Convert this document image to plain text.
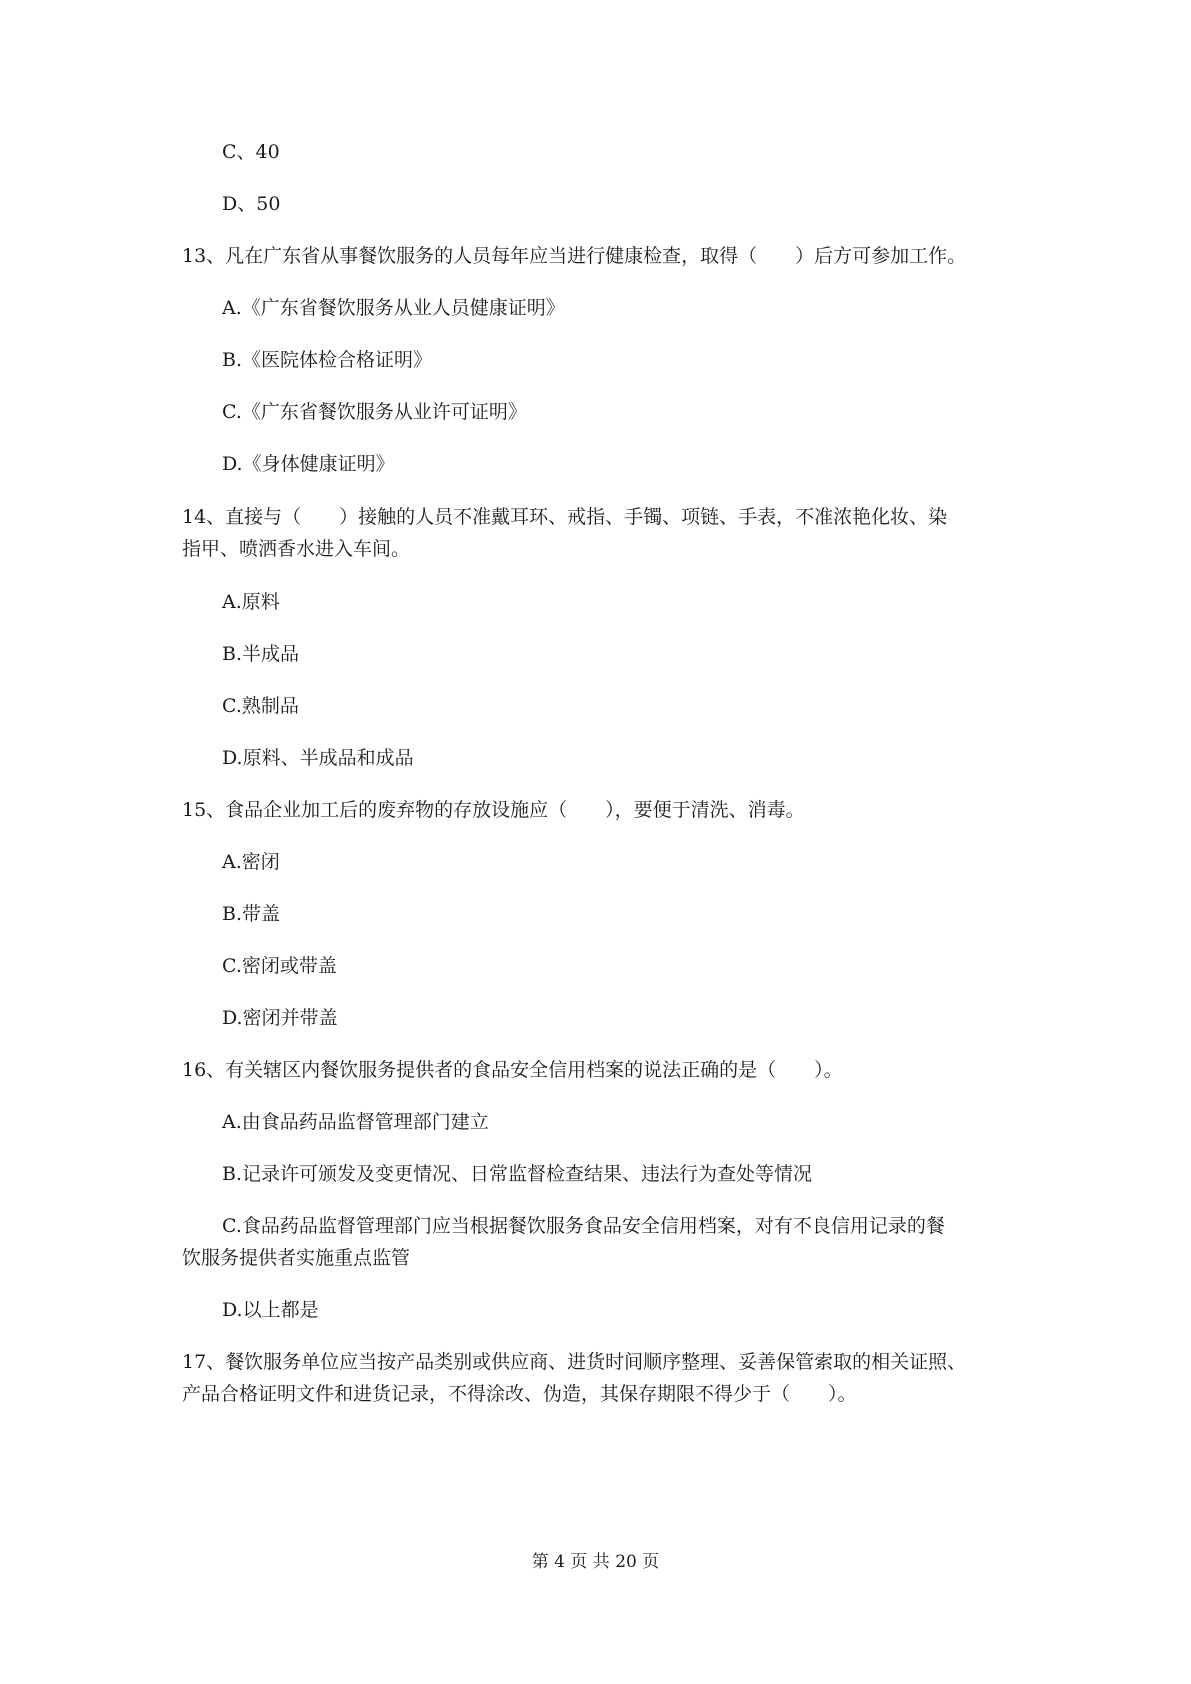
C、40
D、50
13、凡在广东省从事餐饮服务的人员每年应当进行健康检查，取得（　　）后方可参加工作。
A.《广东省餐饮服务从业人员健康证明》
B.《医院体检合格证明》
C.《广东省餐饮服务从业许可证明》
D.《身体健康证明》
14、直接与（　　）接触的人员不准戴耳环、戒指、手镯、项链、手表，不准浓艳化妆、染
指甲、喷洒香水进入车间。
A.原料
B.半成品
C.熟制品
D.原料、半成品和成品
15、食品企业加工后的废弃物的存放设施应（　　），要便于清洗、消毒。
A.密闭
B.带盖
C.密闭或带盖
D.密闭并带盖
16、有关辖区内餐饮服务提供者的食品安全信用档案的说法正确的是（　　）。
A.由食品药品监督管理部门建立
B.记录许可颁发及变更情况、日常监督检查结果、违法行为查处等情况
C.食品药品监督管理部门应当根据餐饮服务食品安全信用档案，对有不良信用记录的餐
饮服务提供者实施重点监管
D.以上都是
17、餐饮服务单位应当按产品类别或供应商、进货时间顺序整理、妥善保管索取的相关证照、
产品合格证明文件和进货记录，不得涂改、伪造，其保存期限不得少于（　　）。
第 4 页 共 20 页
